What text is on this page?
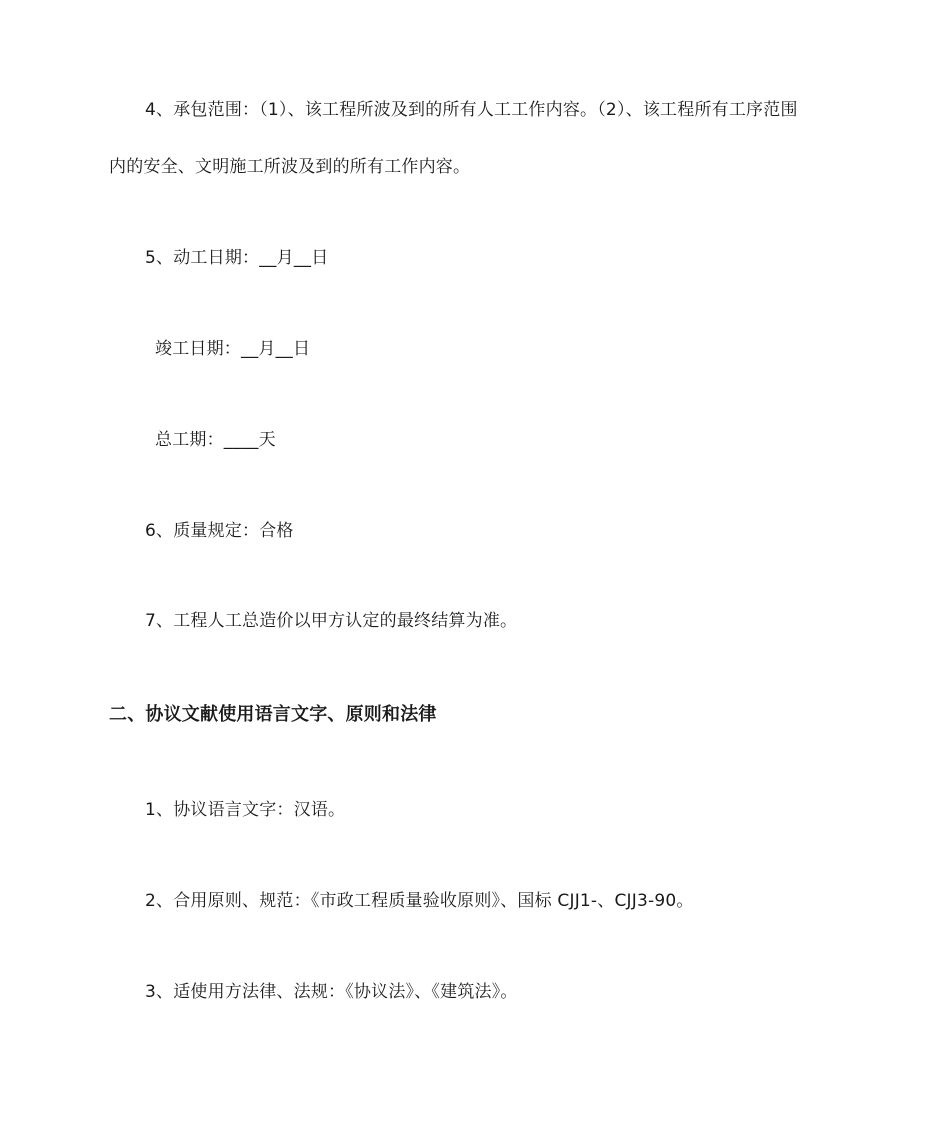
4、承包范围：（1）、该工程所波及到的所有人工工作内容。（2）、该工程所有工序范围
内的安全、文明施工所波及到的所有工作内容。
5、动工日期：__月__日
竣工日期：__月__日
总工期：____天
6、质量规定：合格
7、工程人工总造价以甲方认定的最终结算为准。
二、协议文献使用语言文字、原则和法律
1、协议语言文字：汉语。
2、合用原则、规范：《市政工程质量验收原则》、国标 CJJ1-、CJJ3-90。
3、适使用方法律、法规：《协议法》、《建筑法》。
